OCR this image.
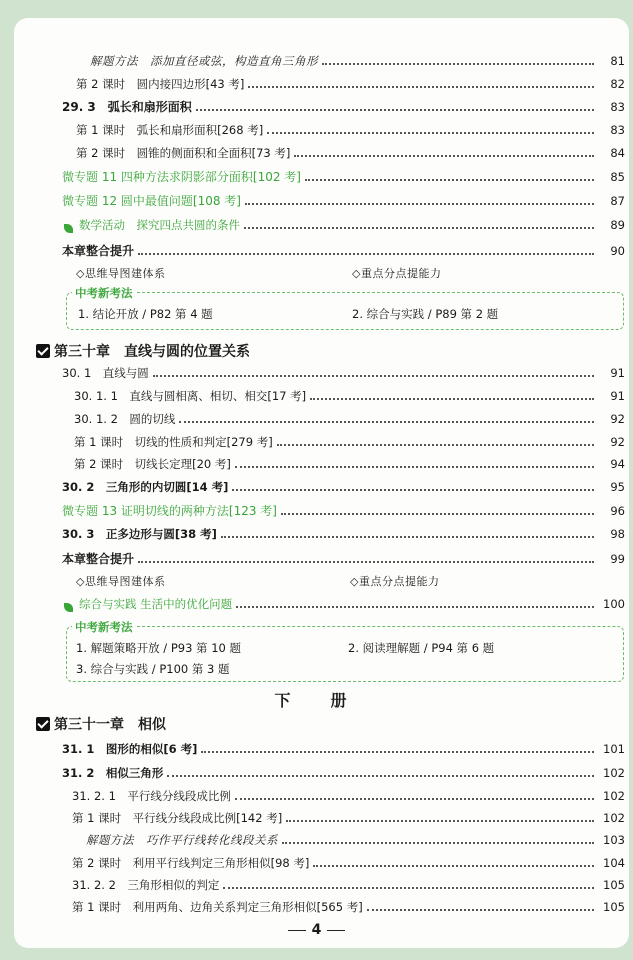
解题方法　添加直径或弦，构造直角三角形	81
第 2 课时　圆内接四边形[43 考]	82
29. 3　弧长和扇形面积	83
第 1 课时　弧长和扇形面积[268 考]	83
第 2 课时　圆锥的侧面积和全面积[73 考]	84
微专题 11 四种方法求阴影部分面积[102 考]	85
微专题 12 圆中最值问题[108 考]	87
数学活动　探究四点共圆的条件	89
本章整合提升	90
◇思维导图建体系	◇重点分点提能力
中考新考法
1. 结论开放 / P82 第 4 题	2. 综合与实践 / P89 第 2 题
第三十章　直线与圆的位置关系
30. 1　直线与圆	91
30. 1. 1　直线与圆相离、相切、相交[17 考]	91
30. 1. 2　圆的切线	92
第 1 课时　切线的性质和判定[279 考]	92
第 2 课时　切线长定理[20 考]	94
30. 2　三角形的内切圆[14 考]	95
微专题 13 证明切线的两种方法[123 考]	96
30. 3　正多边形与圆[38 考]	98
本章整合提升	99
◇思维导图建体系	◇重点分点提能力
综合与实践 生活中的优化问题	100
中考新考法
1. 解题策略开放 / P93 第 10 题	2. 阅读理解题 / P94 第 6 题
3. 综合与实践 / P100 第 3 题
下　册
第三十一章　相似
31. 1　图形的相似[6 考]	101
31. 2　相似三角形	102
31. 2. 1　平行线分线段成比例	102
第 1 课时　平行线分线段成比例[142 考]	102
解题方法　巧作平行线转化线段关系	103
第 2 课时　利用平行线判定三角形相似[98 考]	104
31. 2. 2　三角形相似的判定	105
第 1 课时　利用两角、边角关系判定三角形相似[565 考]	105
4
